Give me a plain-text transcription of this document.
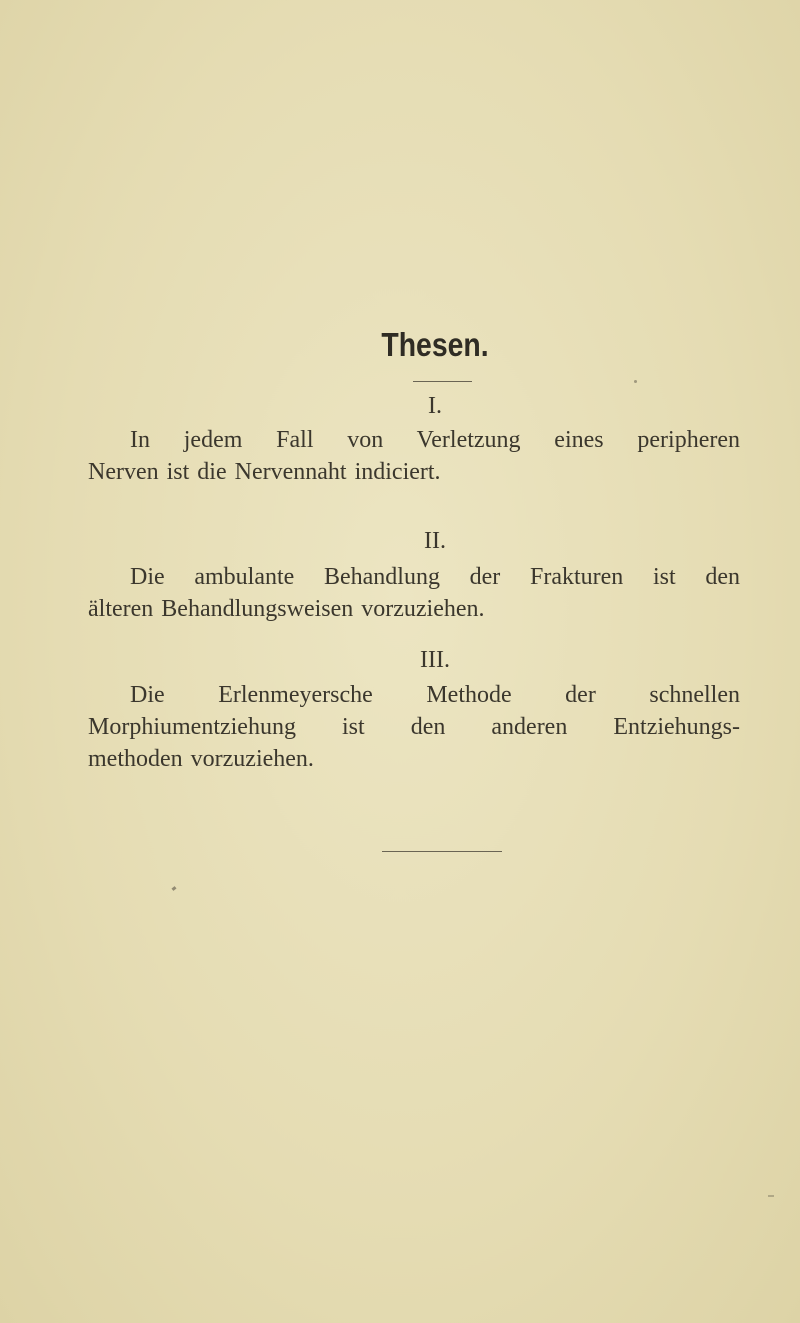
Thesen.
I.
In jedem Fall von Verletzung eines peripheren
Nerven ist die Nervennaht indiciert.
II.
Die ambulante Behandlung der Frakturen ist den
älteren Behandlungsweisen vorzuziehen.
III.
Die Erlenmeyersche Methode der schnellen
Morphiumentziehung ist den anderen Entziehungs-
methoden vorzuziehen.
